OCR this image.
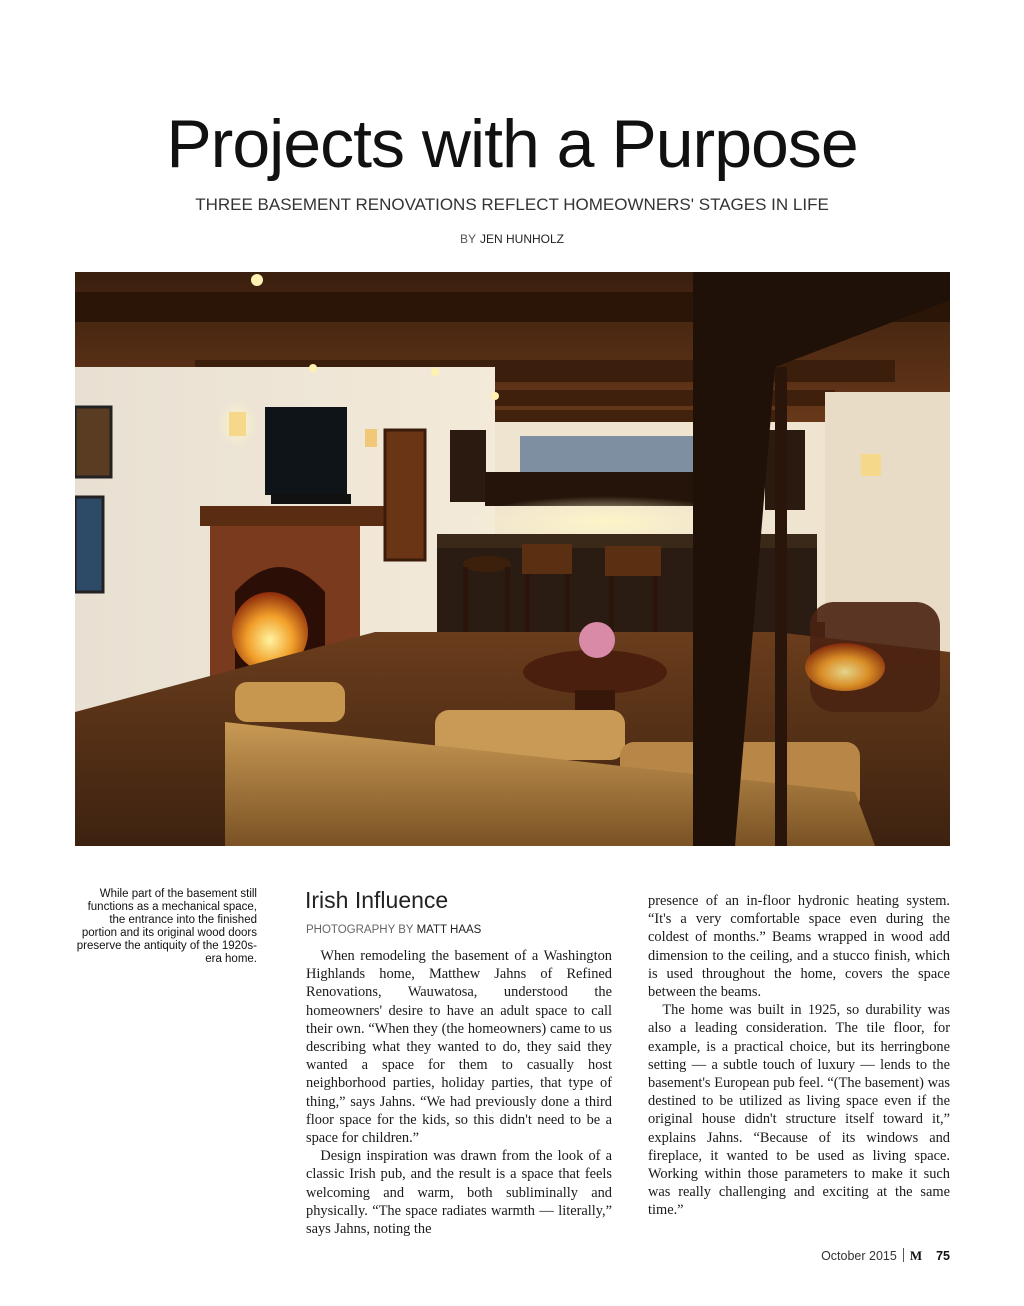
Projects with a Purpose
THREE BASEMENT RENOVATIONS REFLECT HOMEOWNERS' STAGES IN LIFE
BY JEN HUNHOLZ
While part of the basement still functions as a mechanical space, the entrance into the finished portion and its original wood doors preserve the antiquity of the 1920s-era home.
Irish Influence
PHOTOGRAPHY BY MATT HAAS

When remodeling the basement of a Washington Highlands home, Matthew Jahns of Refined Renovations, Wauwatosa, understood the homeowners' desire to have an adult space to call their own. “When they (the homeowners) came to us describing what they wanted to do, they said they wanted a space for them to casually host neighborhood parties, holiday parties, that type of thing,” says Jahns. “We had previously done a third floor space for the kids, so this didn't need to be a space for children.”

Design inspiration was drawn from the look of a classic Irish pub, and the result is a space that feels welcoming and warm, both subliminally and physically. “The space radiates warmth — literally,” says Jahns, noting the

presence of an in-floor hydronic heating system. “It's a very comfortable space even during the coldest of months.” Beams wrapped in wood add dimension to the ceiling, and a stucco finish, which is used throughout the home, covers the space between the beams.

The home was built in 1925, so durability was also a leading consideration. The tile floor, for example, is a practical choice, but its herringbone setting — a subtle touch of luxury — lends to the basement's European pub feel. “(The basement) was destined to be utilized as living space even if the original house didn't structure itself toward it,” explains Jahns. “Because of its windows and fireplace, it wanted to be used as living space. Working within those parameters to make it such was really challenging and exciting at the same time.”

October 2015 M 75
